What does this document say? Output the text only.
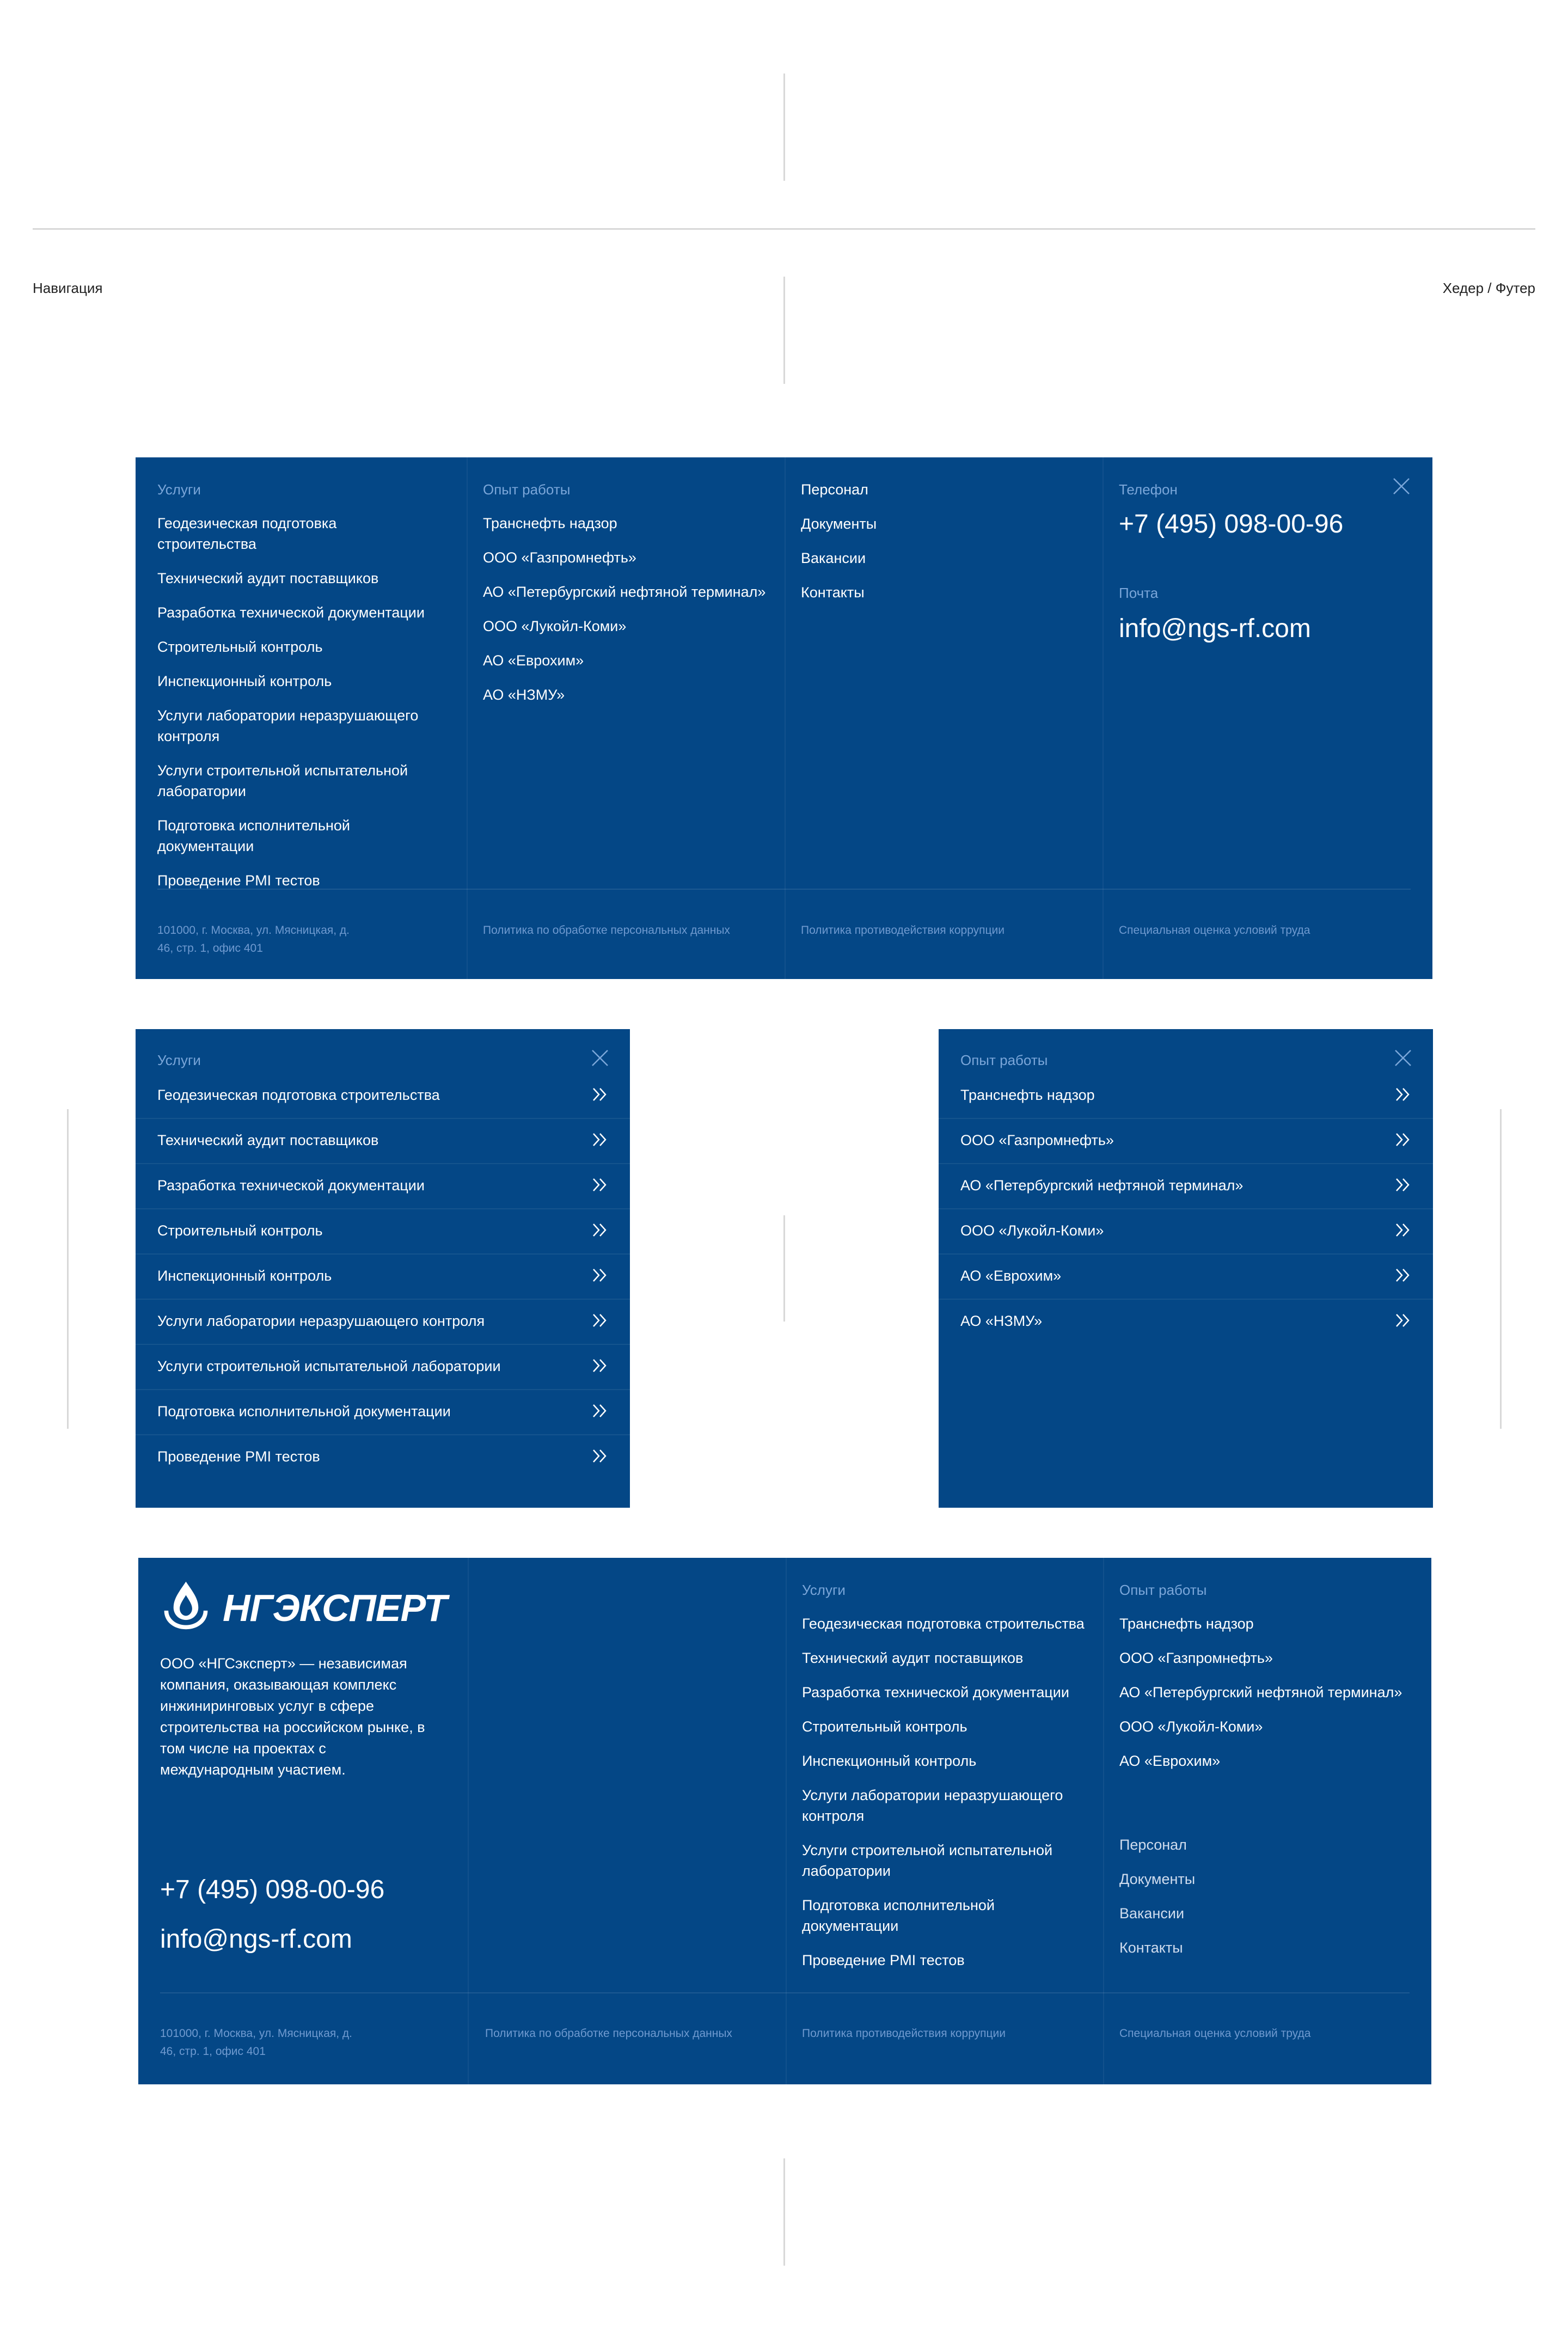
Навигация	Хедер / Футер
Услуги
Геодезическая подготовка строительства
Технический аудит поставщиков
Разработка технической документации
Строительный контроль
Инспекционный контроль
Услуги лаборатории неразрушающего контроля
Услуги строительной испытательной лаборатории
Подготовка исполнительной документации
Проведение PMI тестов
Опыт работы
Транснефть надзор
ООО «Газпромнефть»
АО «Петербургский нефтяной терминал»
ООО «Лукойл-Коми»
АО «Еврохим»
АО «НЗМУ»
Персонал
Документы
Вакансии
Контакты
Телефон
+7 (495) 098-00-96
Почта
info@ngs-rf.com
101000, г. Москва, ул. Мясницкая, д. 46, стр. 1, офис 401
Политика по обработке персональных данных	Политика противодействия коррупции	Специальная оценка условий труда
Услуги
Геодезическая подготовка строительства
Технический аудит поставщиков
Разработка технической документации
Строительный контроль
Инспекционный контроль
Услуги лаборатории неразрушающего контроля
Услуги строительной испытательной лаборатории
Подготовка исполнительной документации
Проведение PMI тестов
Опыт работы
Транснефть надзор
ООО «Газпромнефть»
АО «Петербургский нефтяной терминал»
ООО «Лукойл-Коми»
АО «Еврохим»
АО «НЗМУ»
НГЭКСПЕРТ
ООО «НГСэксперт» — независимая компания, оказывающая комплекс инжиниринговых услуг в сфере строительства на российском рынке, в том числе на проектах с международным участием.
+7 (495) 098-00-96
info@ngs-rf.com
Услуги
Геодезическая подготовка строительства
Технический аудит поставщиков
Разработка технической документации
Строительный контроль
Инспекционный контроль
Услуги лаборатории неразрушающего контроля
Услуги строительной испытательной лаборатории
Подготовка исполнительной документации
Проведение PMI тестов
Опыт работы
Транснефть надзор
ООО «Газпромнефть»
АО «Петербургский нефтяной терминал»
ООО «Лукойл-Коми»
АО «Еврохим»
Персонал
Документы
Вакансии
Контакты
101000, г. Москва, ул. Мясницкая, д. 46, стр. 1, офис 401
Политика по обработке персональных данных	Политика противодействия коррупции	Специальная оценка условий труда
